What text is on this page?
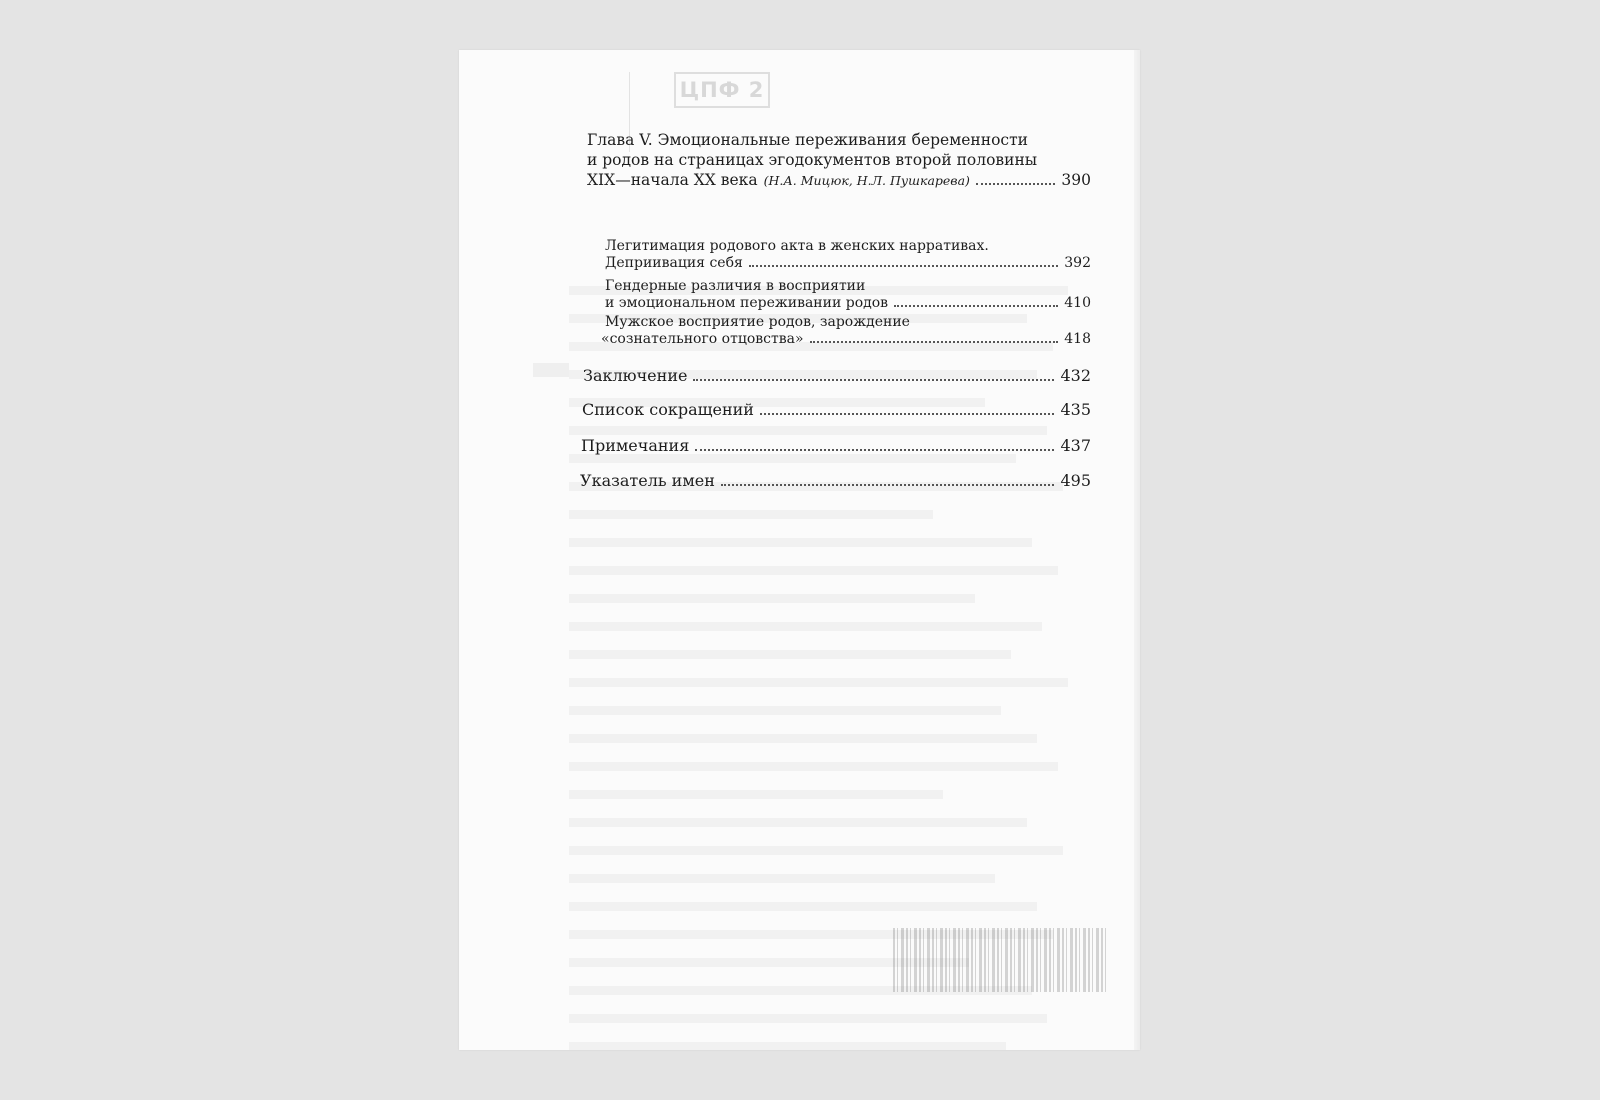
ЦПФ 2
Глава V. Эмоциональные переживания беременности
и родов на страницах эгодокументов второй половины
XIX—начала XX века (Н.А. Мицюк, Н.Л. Пушкарева)	390
Легитимация родового акта в женских нарративах.
Деприивация себя	392
Гендерные различия в восприятии
и эмоциональном переживании родов	410
Мужское восприятие родов, зарождение
«сознательного отцовства»	418
Заключение	432
Список сокращений	435
Примечания	437
Указатель имен	495
